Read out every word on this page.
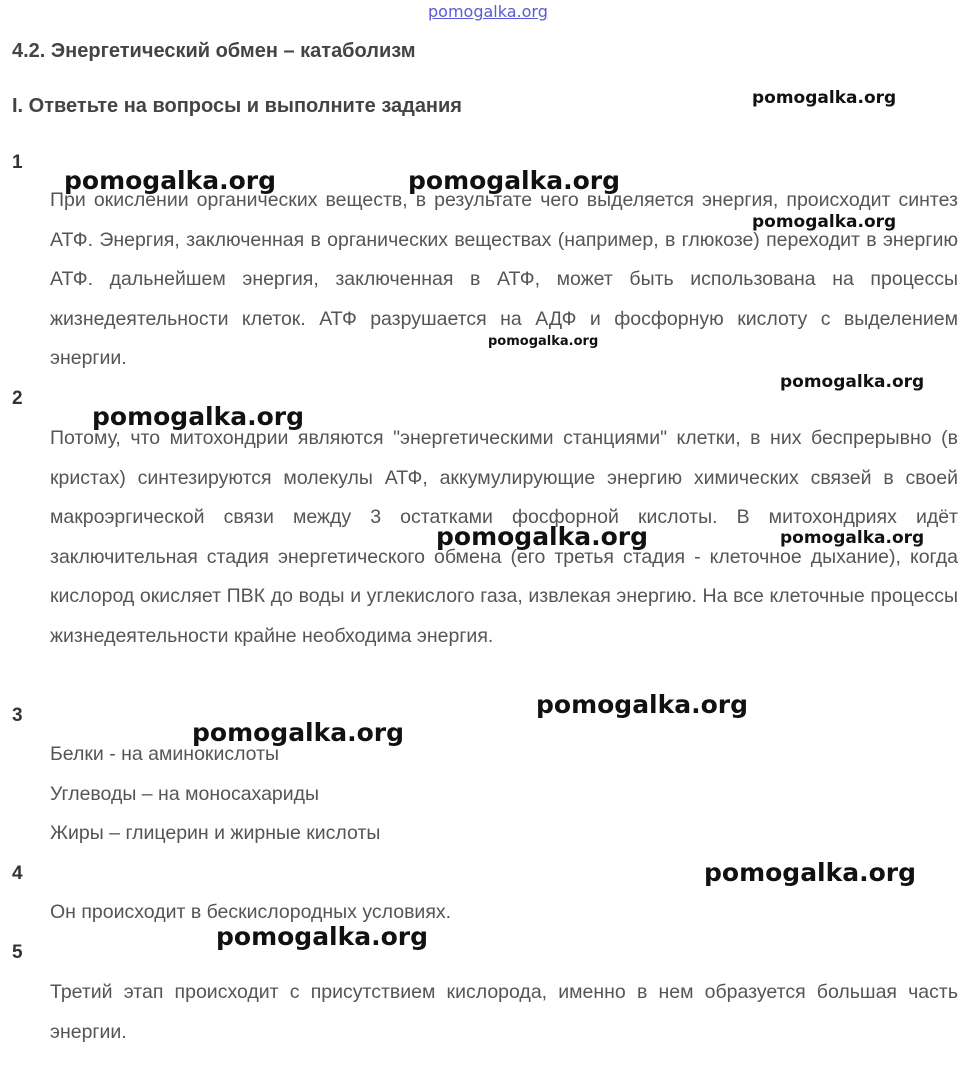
pomogalka.org
4.2. Энергетический обмен – катаболизм
I. Ответьте на вопросы и выполните задания
1

При окислении органических веществ, в результате чего выделяется энергия, происходит синтез АТФ. Энергия, заключенная в органических веществах (например, в глюкозе) переходит в энергию АТФ. дальнейшем энергия, заключенная в АТФ, может быть использована на процессы жизнедеятельности клеток. АТФ разрушается на АДФ и фосфорную кислоту с выделением энергии.

2

Потому, что митохондрии являются "энергетическими станциями" клетки, в них беспрерывно (в кристах) синтезируются молекулы АТФ, аккумулирующие энергию химических связей в своей макроэргической связи между 3 остатками фосфорной кислоты. В митохондриях идёт заключительная стадия энергетического обмена (его третья стадия - клеточное дыхание), когда кислород окисляет ПВК до воды и углекислого газа, извлекая энергию. На все клеточные процессы жизнедеятельности крайне необходима энергия.

3
Белки - на аминокислоты
Углеводы – на моносахариды
Жиры – глицерин и жирные кислоты
4

Он происходит в бескислородных условиях.

5

Третий этап происходит с присутствием кислорода, именно в нем образуется большая часть энергии.

pomogalka.org
pomogalka.org	pomogalka.org
pomogalka.org
pomogalka.org
pomogalka.org
pomogalka.org
pomogalka.org	pomogalka.org
pomogalka.org
pomogalka.org
pomogalka.org
pomogalka.org
